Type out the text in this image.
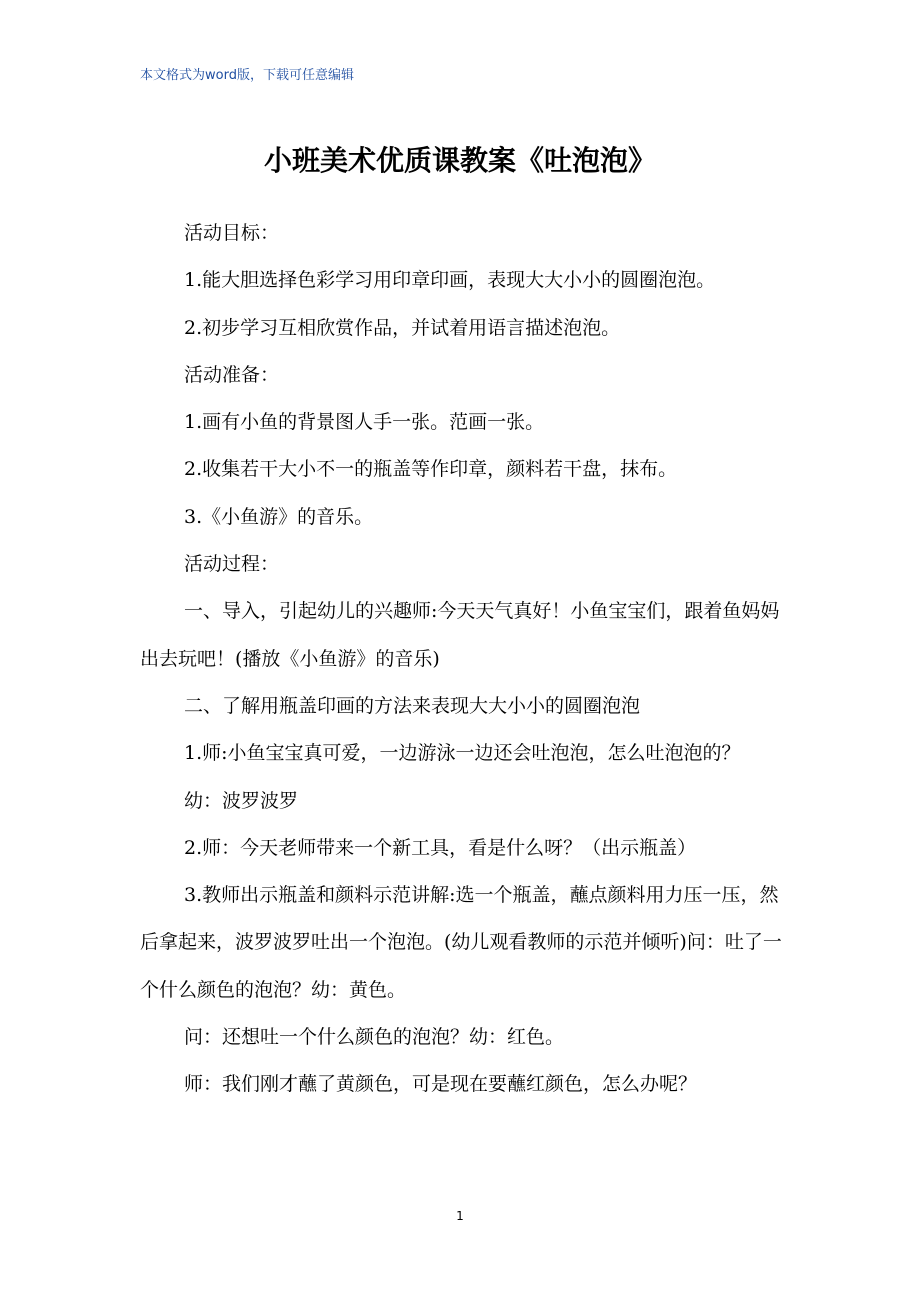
本文格式为word版，下载可任意编辑
小班美术优质课教案《吐泡泡》

活动目标：

1.能大胆选择色彩学习用印章印画，表现大大小小的圆圈泡泡。

2.初步学习互相欣赏作品，并试着用语言描述泡泡。

活动准备：

1.画有小鱼的背景图人手一张。范画一张。

2.收集若干大小不一的瓶盖等作印章，颜料若干盘，抹布。

3.《小鱼游》的音乐。

活动过程：

一、导入，引起幼儿的兴趣师:今天天气真好！小鱼宝宝们，跟着鱼妈妈出去玩吧！(播放《小鱼游》的音乐)

二、了解用瓶盖印画的方法来表现大大小小的圆圈泡泡

1.师:小鱼宝宝真可爱，一边游泳一边还会吐泡泡，怎么吐泡泡的？

幼：波罗波罗

2.师：今天老师带来一个新工具，看是什么呀？（出示瓶盖）

3.教师出示瓶盖和颜料示范讲解:选一个瓶盖，蘸点颜料用力压一压，然后拿起来，波罗波罗吐出一个泡泡。(幼儿观看教师的示范并倾听)问：吐了一个什么颜色的泡泡？幼：黄色。

问：还想吐一个什么颜色的泡泡？幼：红色。

师：我们刚才蘸了黄颜色，可是现在要蘸红颜色，怎么办呢？

1
